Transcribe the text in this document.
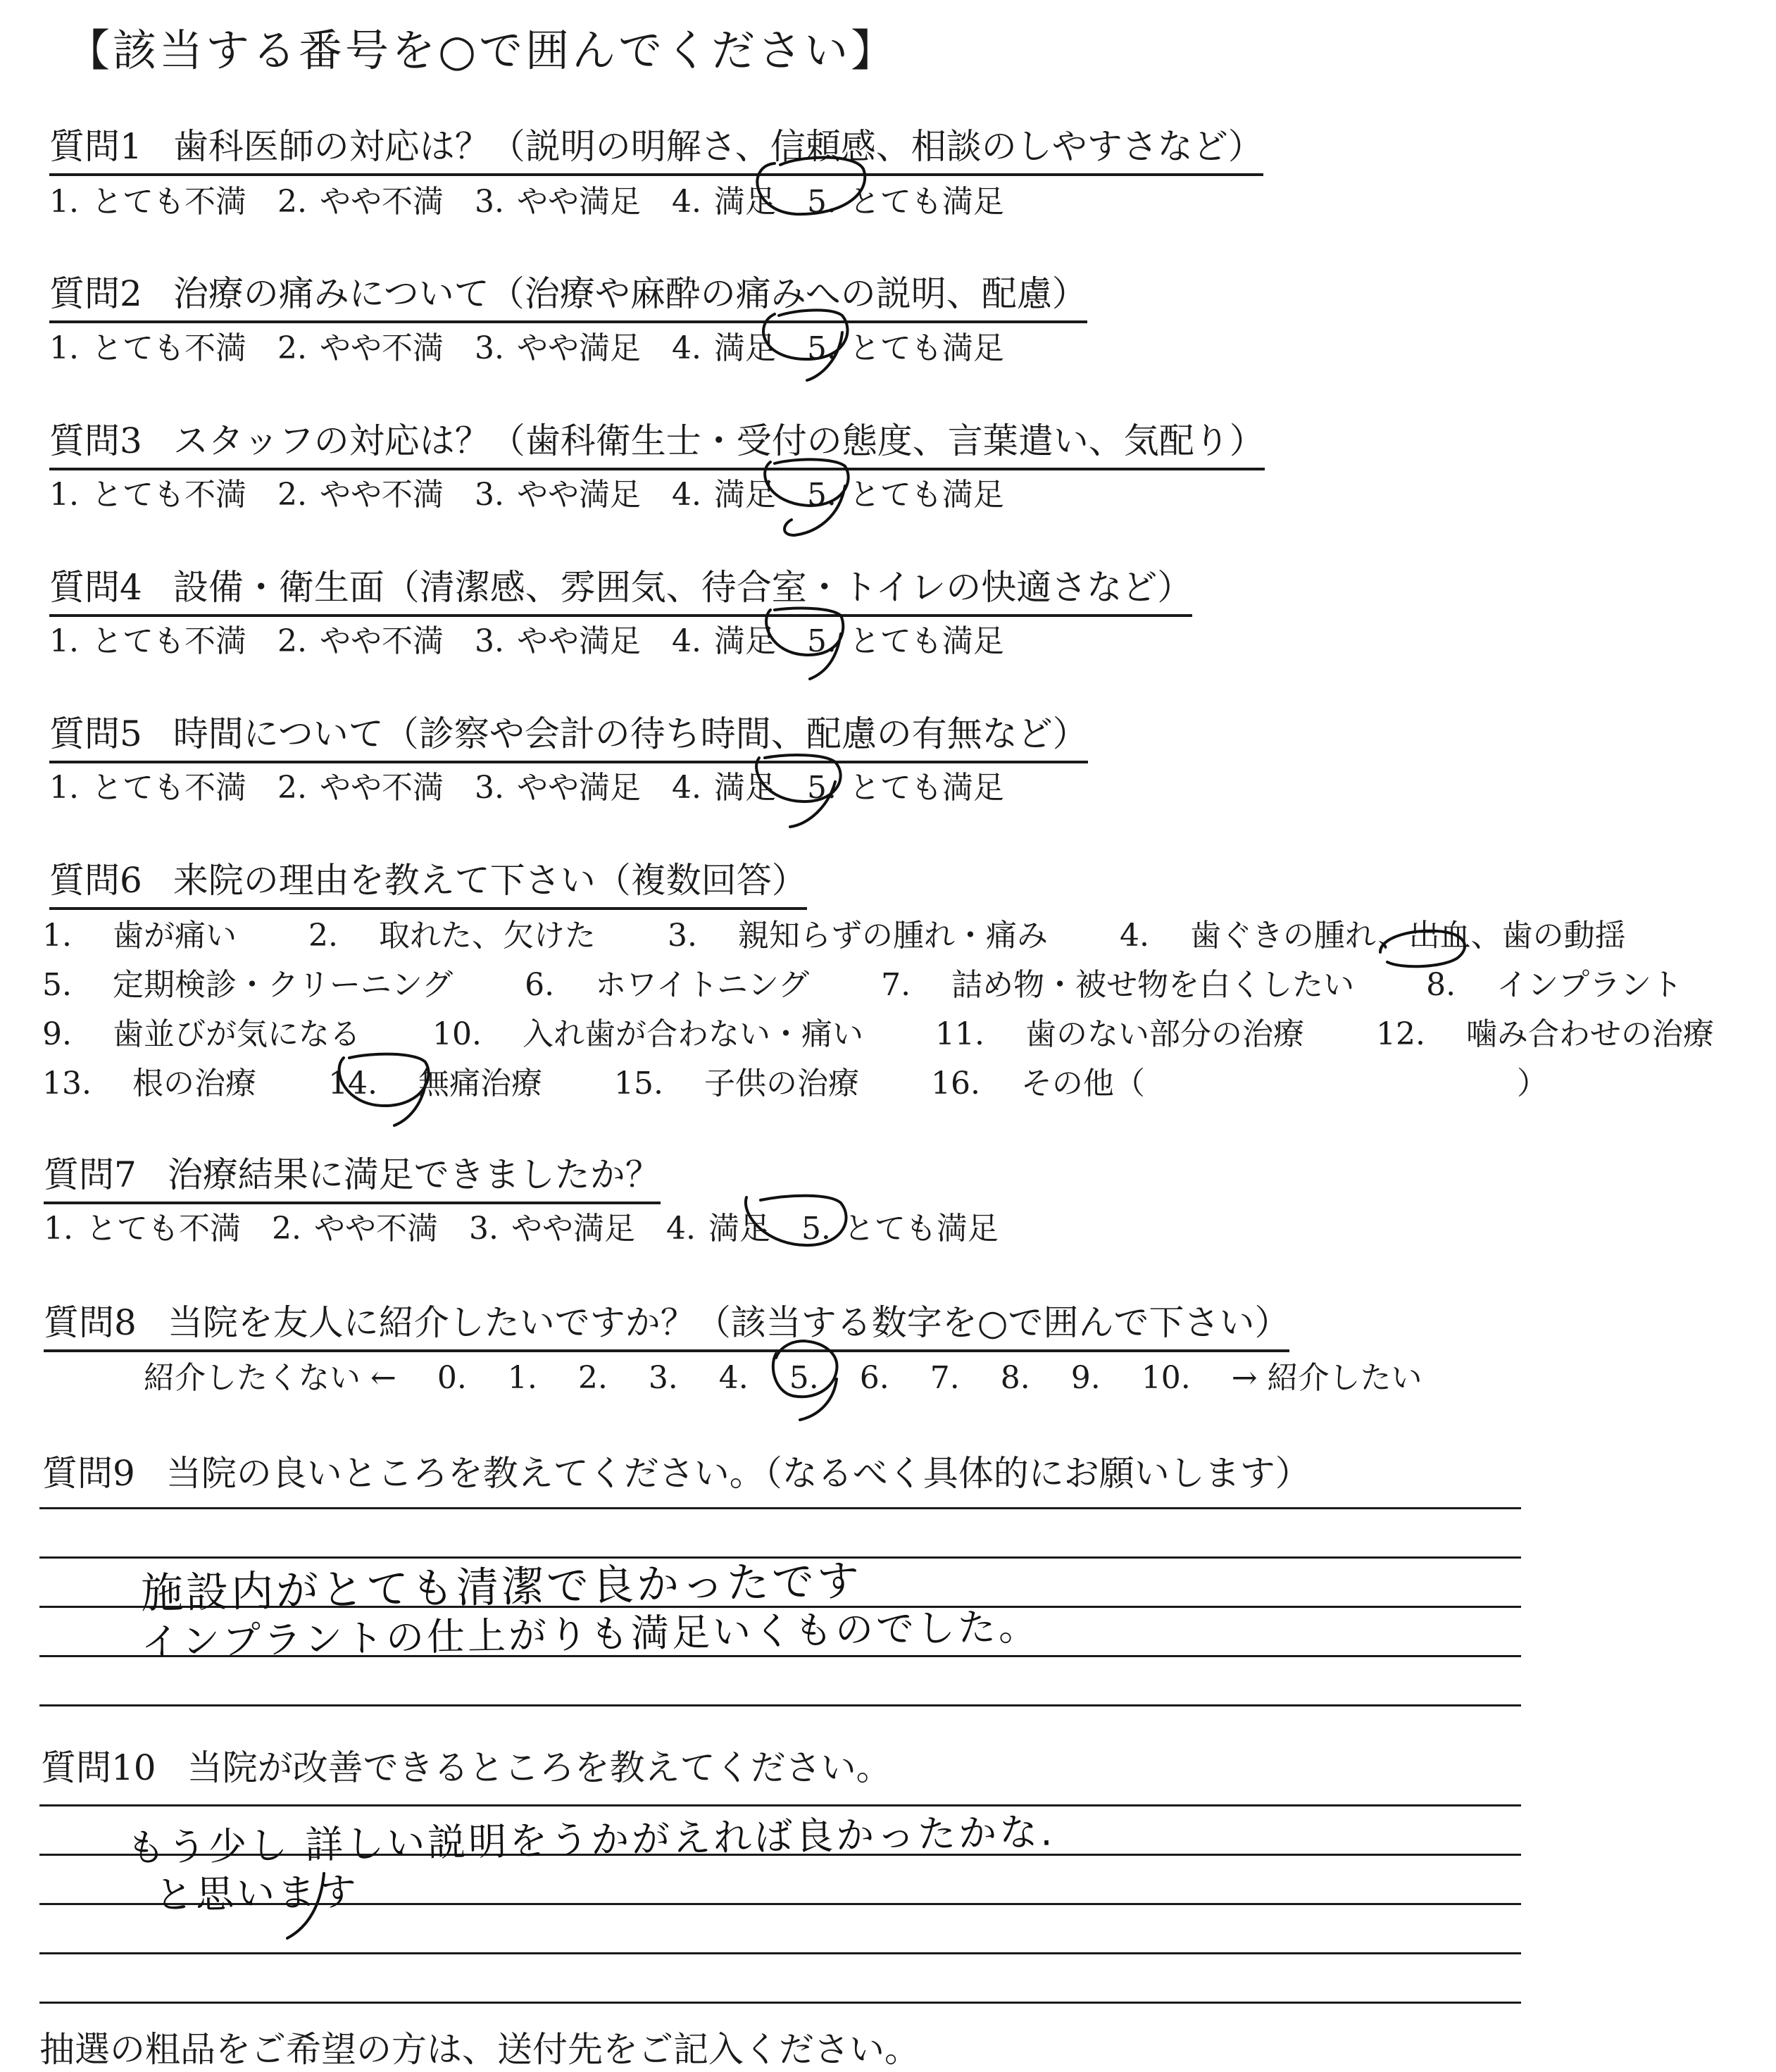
【該当する番号を○で囲んでください】
質問1 歯科医師の対応は？（説明の明解さ、信頼感、相談のしやすさなど）
1. とても不満 2. やや不満 3. やや満足 4. 満足 5. とても満足
質問2 治療の痛みについて（治療や麻酔の痛みへの説明、配慮）
1. とても不満 2. やや不満 3. やや満足 4. 満足 5. とても満足
質問3 スタッフの対応は？（歯科衛生士・受付の態度、言葉遣い、気配り）
1. とても不満 2. やや不満 3. やや満足 4. 満足 5. とても満足
質問4 設備・衛生面（清潔感、雰囲気、待合室・トイレの快適さなど）
1. とても不満 2. やや不満 3. やや満足 4. 満足 5. とても満足
質問5 時間について（診察や会計の待ち時間、配慮の有無など）
1. とても不満 2. やや不満 3. やや満足 4. 満足 5. とても満足
質問6 来院の理由を教えて下さい（複数回答）
1. 歯が痛い 2. 取れた、欠けた 3. 親知らずの腫れ・痛み 4. 歯ぐきの腫れ、出血、歯の動揺
5. 定期検診・クリーニング 6. ホワイトニング 7. 詰め物・被せ物を白くしたい 8. インプラント
9. 歯並びが気になる 10. 入れ歯が合わない・痛い 11. 歯のない部分の治療 12. 噛み合わせの治療
13. 根の治療 14. 無痛治療 15. 子供の治療 16. その他（	）
質問7 治療結果に満足できましたか？
1. とても不満 2. やや不満 3. やや満足 4. 満足 5. とても満足
質問8 当院を友人に紹介したいですか？（該当する数字を○で囲んで下さい）
紹介したくない ← 0. 1. 2. 3. 4. 5. 6. 7. 8. 9. 10. → 紹介したい
質問9 当院の良いところを教えてください。（なるべく具体的にお願いします）
施設内がとても清潔で良かったです
インプラントの仕上がりも満足いくものでした。
質問10 当院が改善できるところを教えてください。
もう少し 詳しい説明をうかがえれば良かったかな.
と思います
抽選の粗品をご希望の方は、送付先をご記入ください。
